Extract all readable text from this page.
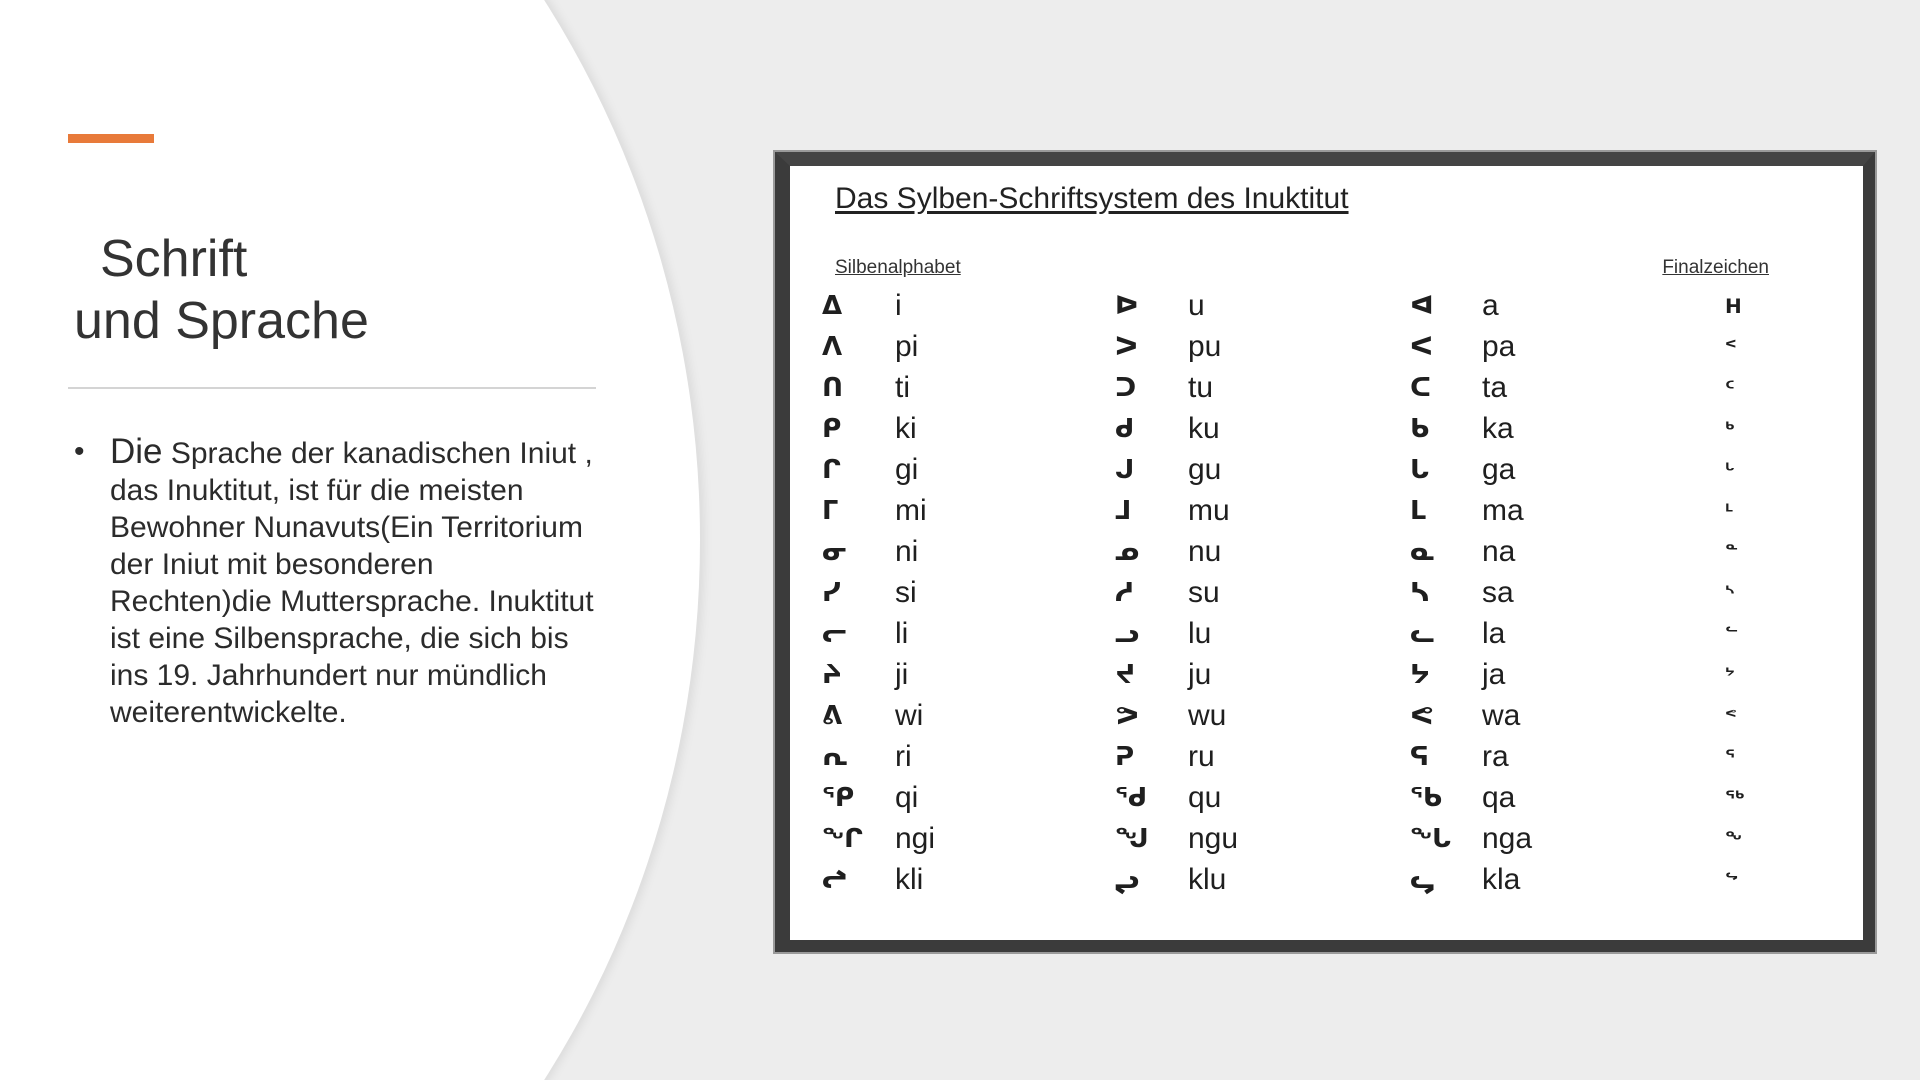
Schrift
und Sprache
• Die Sprache der kanadischen Iniut , das Inuktitut, ist für die meisten Bewohner Nunavuts(Ein Territorium der Iniut mit besonderen Rechten)die Muttersprache. Inuktitut ist eine Silbensprache, die sich bis ins 19. Jahrhundert nur mündlich weiterentwickelte.
Das Sylben-Schriftsystem des Inuktitut
Silbenalphabet	Finalzeichen
ᐃ i	ᐅ u	ᐊ a	ᕼ
ᐱ pi	ᐳ pu	ᐸ pa	ᑉ
ᑎ ti	ᑐ tu	ᑕ ta	ᑦ
ᑭ ki	ᑯ ku	ᑲ ka	ᒃ
ᒋ gi	ᒍ gu	ᒐ ga	ᒡ
ᒥ mi	ᒧ mu	ᒪ ma	ᒻ
ᓂ ni	ᓄ nu	ᓇ na	ᓐ
ᓯ si	ᓱ su	ᓴ sa	ᔅ
ᓕ li	ᓗ lu	ᓚ la	ᓪ
ᔨ ji	ᔪ ju	ᔭ ja	ᔾ
ᕕ wi	ᕗ wu	ᕙ wa	ᕝ
ᕆ ri	ᕈ ru	ᕋ ra	ᕐ
ᕿ qi	ᖁ qu	ᖃ qa	ᖅ
ᖏ ngi	ᖑ ngu	ᖓ nga	ᖕ
ᖠ kli	ᖢ klu	ᖤ kla	ᖦ
